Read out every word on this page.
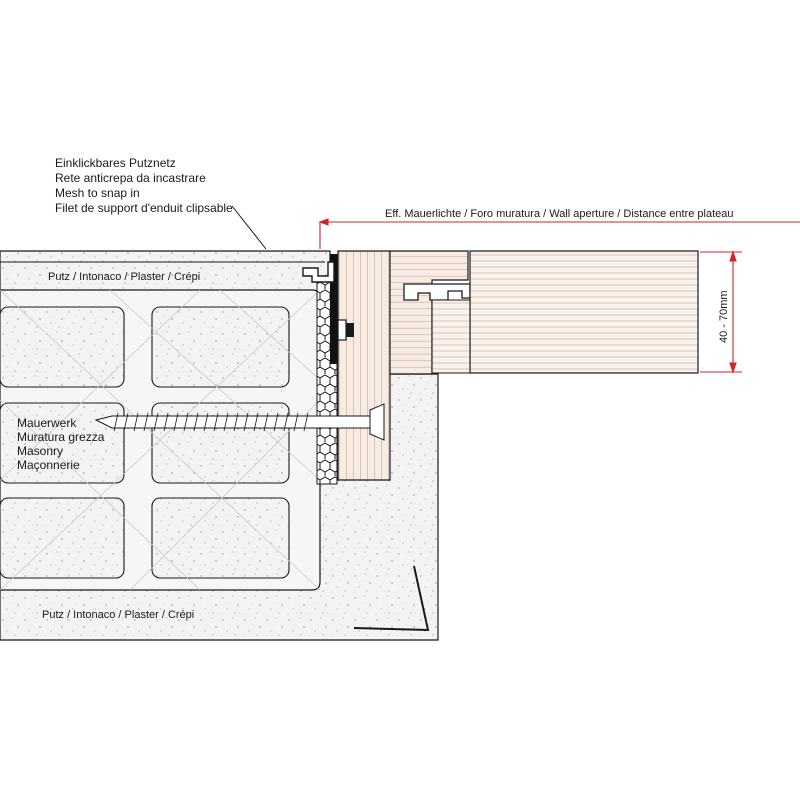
Einklickbares Putznetz
Rete anticrepa da incastrare
Mesh to snap in
Filet de support d'enduit clipsable	Eff. Mauerlichte / Foro muratura / Wall aperture / Distance entre plateau
Putz / Intonaco / Plaster / Crépi
Putz / Intonaco / Plaster / Crépi
Mauerwerk
Muratura grezza
Masonry
Maçonnerie
40 - 70mm
